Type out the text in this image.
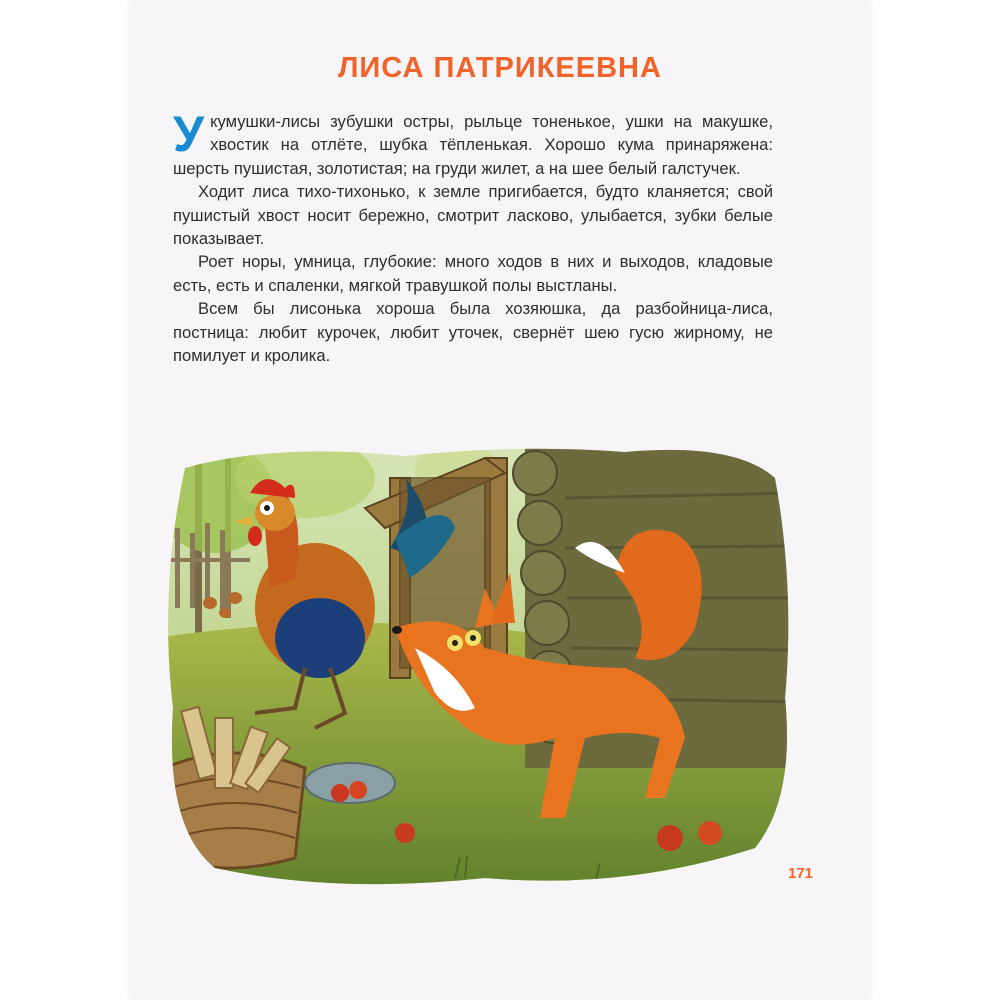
ЛИСА ПАТРИКЕЕВНА

Укумушки-лисы зубушки остры, рыльце тоненькое, ушки на макушке, хвостик на отлёте, шубка тёпленькая. Хорошо кума принаряжена: шерсть пушистая, золотистая; на груди жилет, а на шее белый галстучек.

Ходит лиса тихо-тихонько, к земле пригибается, будто кланяется; свой пушистый хвост носит бережно, смотрит ласково, улыбается, зубки белые показывает.

Роет норы, умница, глубокие: много ходов в них и выходов, кладовые есть, есть и спаленки, мягкой травушкой полы выстланы.

Всем бы лисонька хороша была хозяюшка, да разбойница-лиса, постница: любит курочек, любит уточек, свернёт шею гусю жирному, не помилует и кролика.

171
